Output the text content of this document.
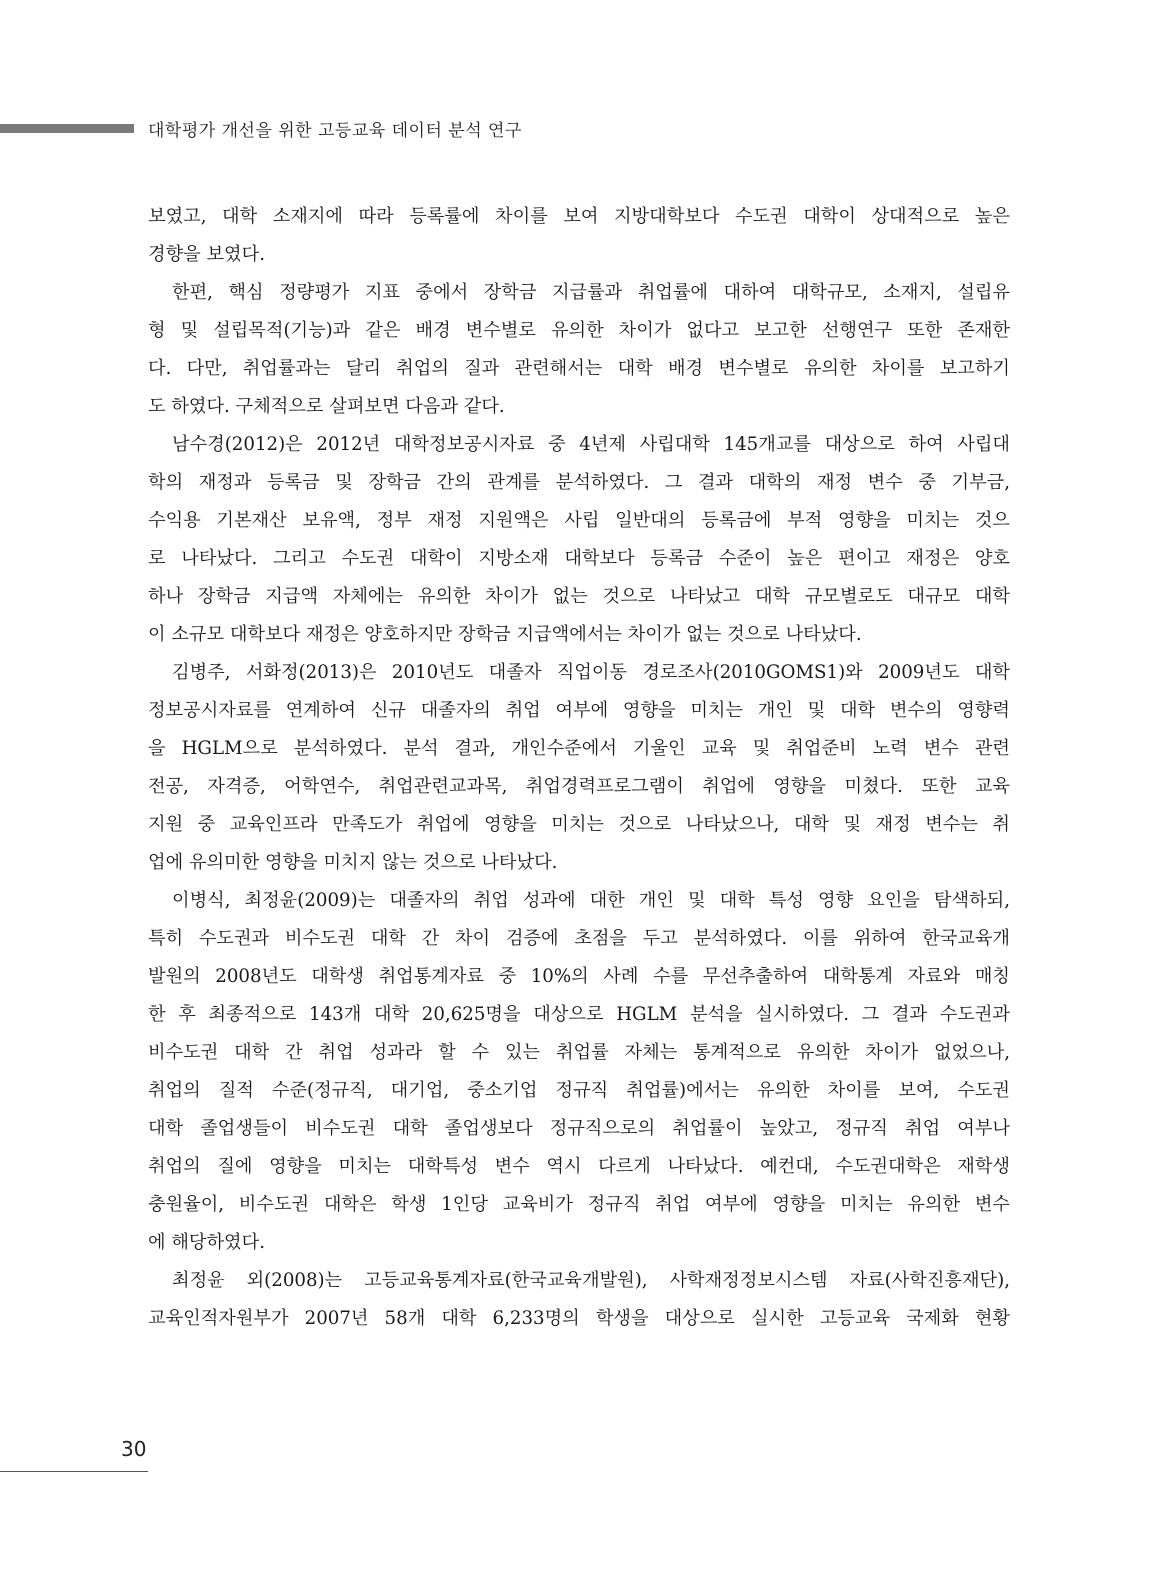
대학평가 개선을 위한 고등교육 데이터 분석 연구
보였고, 대학 소재지에 따라 등록률에 차이를 보여 지방대학보다 수도권 대학이 상대적으로 높은
경향을 보였다.
한편, 핵심 정량평가 지표 중에서 장학금 지급률과 취업률에 대하여 대학규모, 소재지, 설립유
형 및 설립목적(기능)과 같은 배경 변수별로 유의한 차이가 없다고 보고한 선행연구 또한 존재한
다. 다만, 취업률과는 달리 취업의 질과 관련해서는 대학 배경 변수별로 유의한 차이를 보고하기
도 하였다. 구체적으로 살펴보면 다음과 같다.
남수경(2012)은 2012년 대학정보공시자료 중 4년제 사립대학 145개교를 대상으로 하여 사립대
학의 재정과 등록금 및 장학금 간의 관계를 분석하였다. 그 결과 대학의 재정 변수 중 기부금,
수익용 기본재산 보유액, 정부 재정 지원액은 사립 일반대의 등록금에 부적 영향을 미치는 것으
로 나타났다. 그리고 수도권 대학이 지방소재 대학보다 등록금 수준이 높은 편이고 재정은 양호
하나 장학금 지급액 자체에는 유의한 차이가 없는 것으로 나타났고 대학 규모별로도 대규모 대학
이 소규모 대학보다 재정은 양호하지만 장학금 지급액에서는 차이가 없는 것으로 나타났다.
김병주, 서화정(2013)은 2010년도 대졸자 직업이동 경로조사(2010GOMS1)와 2009년도 대학
정보공시자료를 연계하여 신규 대졸자의 취업 여부에 영향을 미치는 개인 및 대학 변수의 영향력
을 HGLM으로 분석하였다. 분석 결과, 개인수준에서 기울인 교육 및 취업준비 노력 변수 관련
전공, 자격증, 어학연수, 취업관련교과목, 취업경력프로그램이 취업에 영향을 미쳤다. 또한 교육
지원 중 교육인프라 만족도가 취업에 영향을 미치는 것으로 나타났으나, 대학 및 재정 변수는 취
업에 유의미한 영향을 미치지 않는 것으로 나타났다.
이병식, 최정윤(2009)는 대졸자의 취업 성과에 대한 개인 및 대학 특성 영향 요인을 탐색하되,
특히 수도권과 비수도권 대학 간 차이 검증에 초점을 두고 분석하였다. 이를 위하여 한국교육개
발원의 2008년도 대학생 취업통계자료 중 10%의 사례 수를 무선추출하여 대학통계 자료와 매칭
한 후 최종적으로 143개 대학 20,625명을 대상으로 HGLM 분석을 실시하였다. 그 결과 수도권과
비수도권 대학 간 취업 성과라 할 수 있는 취업률 자체는 통계적으로 유의한 차이가 없었으나,
취업의 질적 수준(정규직, 대기업, 중소기업 정규직 취업률)에서는 유의한 차이를 보여, 수도권
대학 졸업생들이 비수도권 대학 졸업생보다 정규직으로의 취업률이 높았고, 정규직 취업 여부나
취업의 질에 영향을 미치는 대학특성 변수 역시 다르게 나타났다. 예컨대, 수도권대학은 재학생
충원율이, 비수도권 대학은 학생 1인당 교육비가 정규직 취업 여부에 영향을 미치는 유의한 변수
에 해당하였다.
최정윤 외(2008)는 고등교육통계자료(한국교육개발원), 사학재정정보시스템 자료(사학진흥재단),
교육인적자원부가 2007년 58개 대학 6,233명의 학생을 대상으로 실시한 고등교육 국제화 현황
30
